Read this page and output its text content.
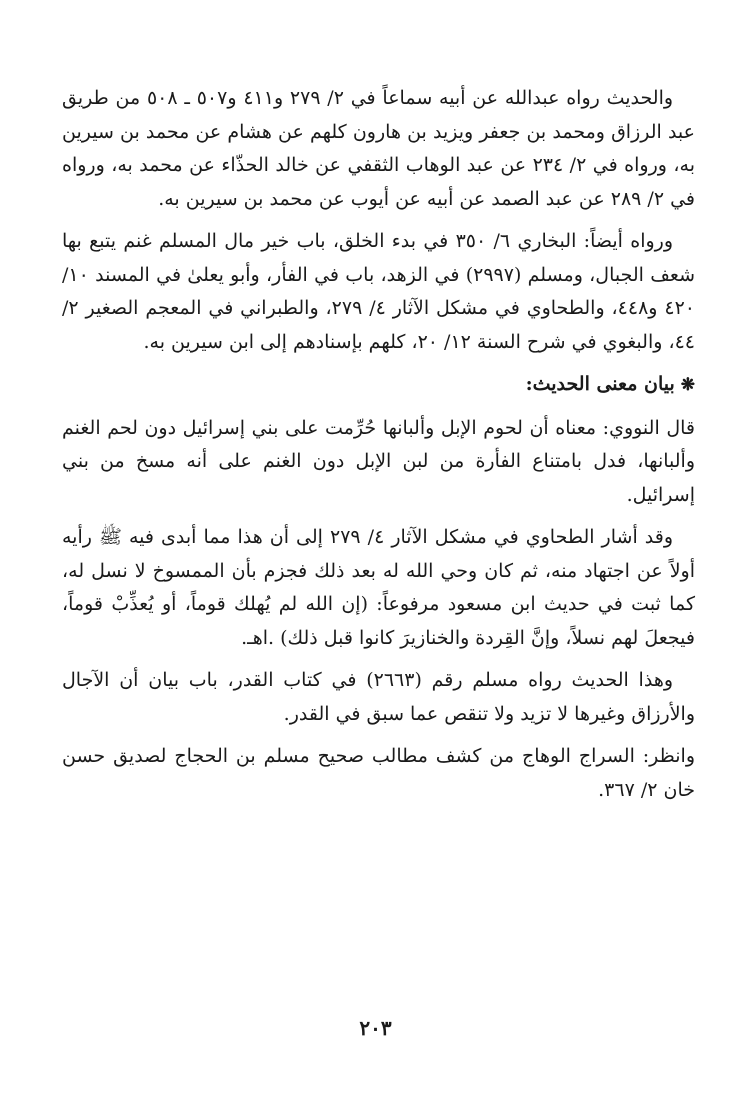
والحديث رواه عبدالله عن أبيه سماعاً في ٢/ ٢٧٩ و٤١١ و٥٠٧ ـ ٥٠٨ من طريق عبد الرزاق ومحمد بن جعفر ويزيد بن هارون كلهم عن هشام عن محمد بن سيرين به، ورواه في ٢/ ٢٣٤ عن عبد الوهاب الثقفي عن خالد الحذّاء عن محمد به، ورواه في ٢/ ٢٨٩ عن عبد الصمد عن أبيه عن أيوب عن محمد بن سيرين به.

ورواه أيضاً: البخاري ٦/ ٣٥٠ في بدء الخلق، باب خير مال المسلم غنم يتبع بها شعف الجبال، ومسلم (٢٩٩٧) في الزهد، باب في الفأر، وأبو يعلىٰ في المسند ١٠/ ٤٢٠ و٤٤٨، والطحاوي في مشكل الآثار ٤/ ٢٧٩، والطبراني في المعجم الصغير ٢/ ٤٤، والبغوي في شرح السنة ١٢/ ٢٠، كلهم بإسنادهم إلى ابن سيرين به.

❋بيان معنى الحديث:

قال النووي: معناه أن لحوم الإبل وألبانها حُرِّمت على بني إسرائيل دون لحم الغنم وألبانها، فدل بامتناع الفأرة من لبن الإبل دون الغنم على أنه مسخ من بني إسرائيل.

وقد أشار الطحاوي في مشكل الآثار ٤/ ٢٧٩ إلى أن هذا مما أبدى فيه ﷺ رأيه أولاً عن اجتهاد منه، ثم كان وحي الله له بعد ذلك فجزم بأن الممسوخ لا نسل له، كما ثبت في حديث ابن مسعود مرفوعاً: (إن الله لم يُهلك قوماً، أو يُعذِّبْ قوماً، فيجعلَ لهم نسلاً، وإنَّ القِردة والخنازيرَ كانوا قبل ذلك) .اهـ.

وهذا الحديث رواه مسلم رقم (٢٦٦٣) في كتاب القدر، باب بيان أن الآجال والأرزاق وغيرها لا تزيد ولا تنقص عما سبق في القدر.

وانظر: السراج الوهاج من كشف مطالب صحيح مسلم بن الحجاج لصديق حسن خان ٢/ ٣٦٧.

٢٠٣
